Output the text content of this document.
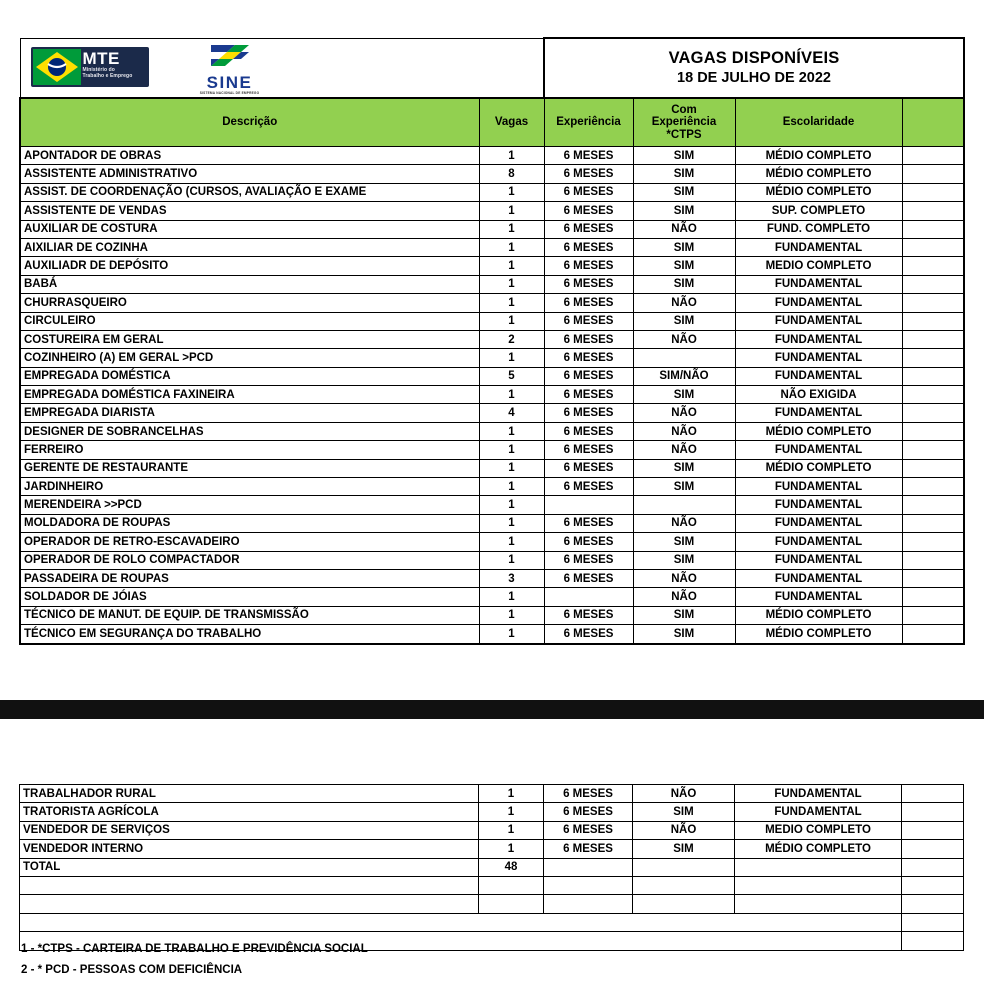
MTE
Ministério do
Trabalho e Emprego	SINE
SISTEMA NACIONAL DE EMPREGO

VAGAS DISPONÍVEIS
18 DE JULHO DE 2022

Descrição	Vagas	Experiência	Com
Experiência
*CTPS	Escolaridade	
APONTADOR DE OBRAS	1	6 MESES	SIM	MÉDIO COMPLETO	
ASSISTENTE ADMINISTRATIVO	8	6 MESES	SIM	MÉDIO COMPLETO	
ASSIST. DE COORDENAÇÃO (CURSOS, AVALIAÇÃO E EXAME	1	6 MESES	SIM	MÉDIO COMPLETO	
ASSISTENTE DE VENDAS	1	6 MESES	SIM	SUP. COMPLETO	
AUXILIAR DE COSTURA	1	6 MESES	NÃO	FUND. COMPLETO	
AIXILIAR DE COZINHA	1	6 MESES	SIM	FUNDAMENTAL	
AUXILIADR DE DEPÓSITO	1	6 MESES	SIM	MEDIO COMPLETO	
BABÁ	1	6 MESES	SIM	FUNDAMENTAL	
CHURRASQUEIRO	1	6 MESES	NÃO	FUNDAMENTAL	
CIRCULEIRO	1	6 MESES	SIM	FUNDAMENTAL	
COSTUREIRA EM GERAL	2	6 MESES	NÃO	FUNDAMENTAL	
COZINHEIRO (A) EM GERAL >PCD	1	6 MESES		FUNDAMENTAL	
EMPREGADA DOMÉSTICA	5	6 MESES	SIM/NÃO	FUNDAMENTAL	
EMPREGADA DOMÉSTICA FAXINEIRA	1	6 MESES	SIM	NÃO EXIGIDA	
EMPREGADA DIARISTA	4	6 MESES	NÃO	FUNDAMENTAL	
DESIGNER DE SOBRANCELHAS	1	6 MESES	NÃO	MÉDIO COMPLETO	
FERREIRO	1	6 MESES	NÃO	FUNDAMENTAL	
GERENTE DE RESTAURANTE	1	6 MESES	SIM	MÉDIO COMPLETO	
JARDINHEIRO	1	6 MESES	SIM	FUNDAMENTAL	
MERENDEIRA >>PCD	1			FUNDAMENTAL	
MOLDADORA DE ROUPAS	1	6 MESES	NÃO	FUNDAMENTAL	
OPERADOR DE RETRO-ESCAVADEIRO	1	6 MESES	SIM	FUNDAMENTAL	
OPERADOR DE ROLO COMPACTADOR	1	6 MESES	SIM	FUNDAMENTAL	
PASSADEIRA DE ROUPAS	3	6 MESES	NÃO	FUNDAMENTAL	
SOLDADOR DE JÓIAS	1		NÃO	FUNDAMENTAL	
TÉCNICO DE MANUT. DE EQUIP. DE TRANSMISSÃO	1	6 MESES	SIM	MÉDIO COMPLETO	
TÉCNICO EM SEGURANÇA DO TRABALHO	1	6 MESES	SIM	MÉDIO COMPLETO	
TRABALHADOR RURAL	1	6 MESES	NÃO	FUNDAMENTAL	
TRATORISTA AGRÍCOLA	1	6 MESES	SIM	FUNDAMENTAL	
VENDEDOR DE SERVIÇOS	1	6 MESES	NÃO	MEDIO COMPLETO	
VENDEDOR INTERNO	1	6 MESES	SIM	MÉDIO COMPLETO	
TOTAL	48				

1 - *CTPS - CARTEIRA DE TRABALHO E PREVIDÊNCIA SOCIAL
2 - * PCD - PESSOAS COM DEFICIÊNCIA
